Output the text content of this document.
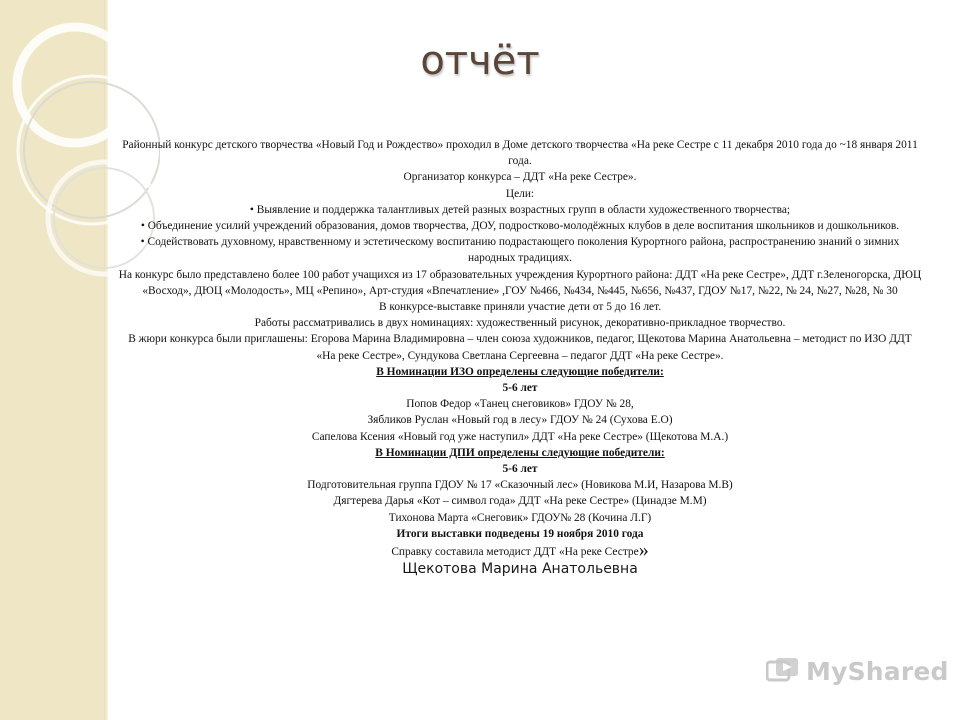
отчёт

Районный конкурс детского творчества «Новый Год и Рождество» проходил в Доме детского творчества «На реке Сестре с 11 декабря 2010 года до ~18 января 2011 года.

Организатор конкурса – ДДТ «На реке Сестре».

Цели:

• Выявление и поддержка талантливых детей разных возрастных групп в области художественного творчества;

• Объединение усилий учреждений образования, домов творчества, ДОУ, подростково-молодёжных клубов в деле воспитания школьников и дошкольников.

• Содействовать духовному, нравственному и эстетическому воспитанию подрастающего поколения Курортного района, распространению знаний о зимних народных традициях.

На конкурс было представлено более 100 работ учащихся из 17 образовательных учреждения Курортного района: ДДТ «На реке Сестре», ДДТ г.Зеленогорска, ДЮЦ «Восход», ДЮЦ «Молодость», МЦ «Репино», Арт-студия «Впечатление» ,ГОУ №466, №434, №445, №656, №437, ГДОУ №17, №22, № 24, №27, №28, № 30

В конкурсе-выставке приняли участие дети от 5 до 16 лет.

Работы рассматривались в двух номинациях: художественный рисунок, декоративно-прикладное творчество.

В жюри конкурса были приглашены: Егорова Марина Владимировна – член союза художников, педагог, Щекотова Марина Анатольевна – методист по ИЗО ДДТ «На реке Сестре», Сундукова Светлана Сергеевна – педагог ДДТ «На реке Сестре».

В Номинации ИЗО определены следующие победители:

5-6 лет

Попов Федор «Танец снеговиков» ГДОУ № 28,

Зябликов Руслан «Новый год в лесу» ГДОУ № 24 (Сухова Е.О)

Сапелова Ксения «Новый год уже наступил» ДДТ «На реке Сестре» (Щекотова М.А.)

В Номинации ДПИ определены следующие победители:

5-6 лет

Подготовительная группа ГДОУ № 17 «Сказочный лес» (Новикова М.И, Назарова М.В)

Дягтерева Дарья «Кот – символ года» ДДТ «На реке Сестре» (Цинадзе М.М)

Тихонова Марта «Снеговик» ГДОУ№ 28 (Кочина Л.Г)

Итоги выставки подведены 19 ноября 2010 года

Справку составила методист ДДТ «На реке Сестре»

Щекотова Марина Анатольевна

MyShared
